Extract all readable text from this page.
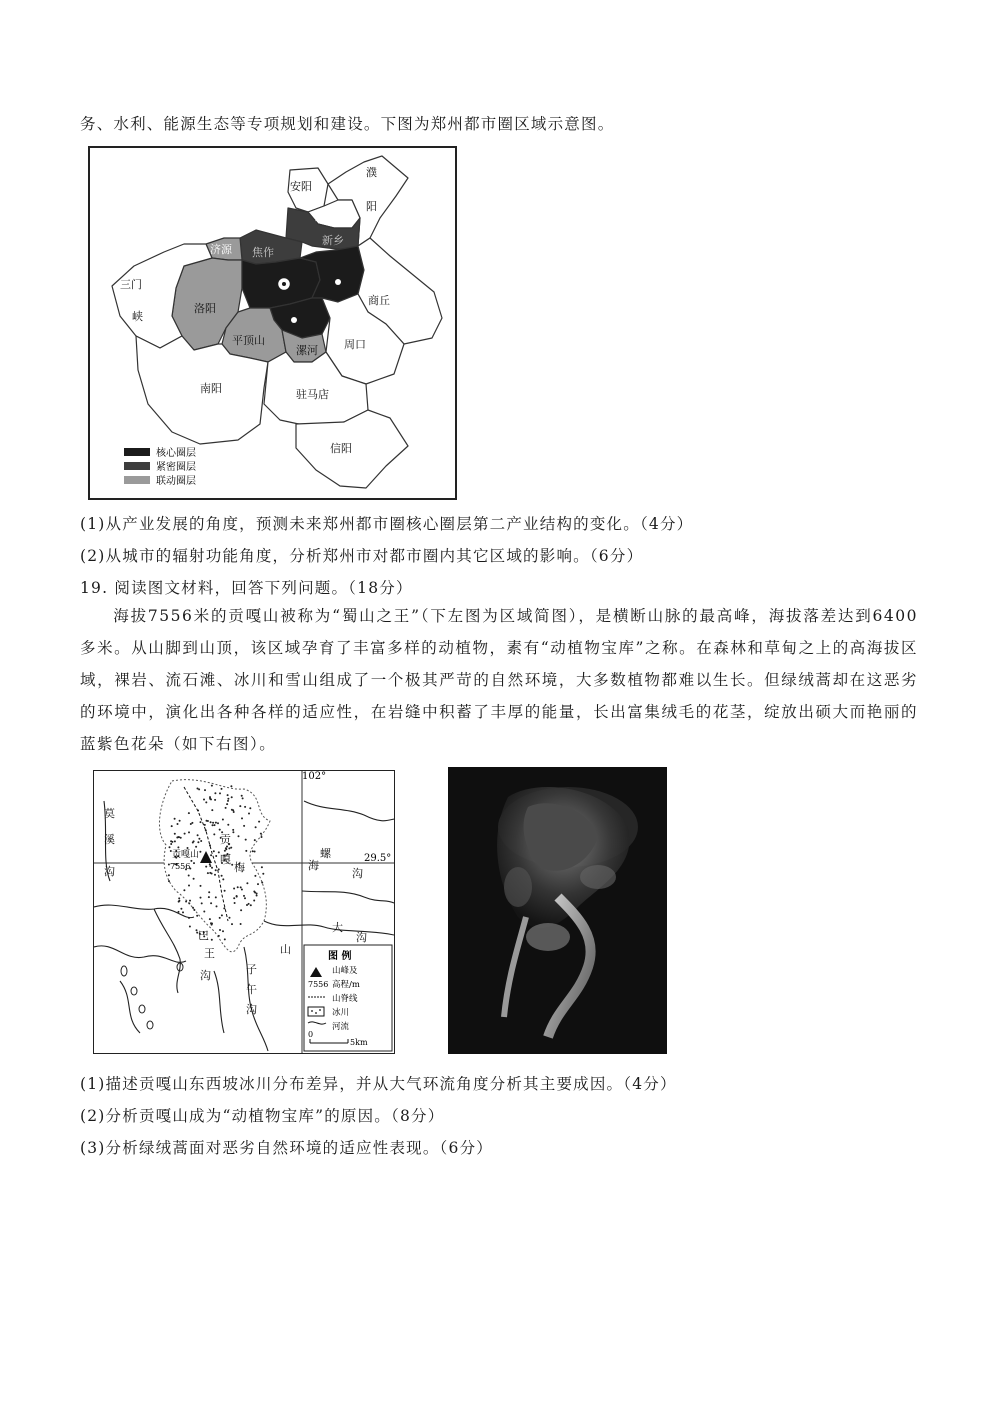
务、水利、能源生态等专项规划和建设。下图为郑州都市圈区域示意图。
安阳
濮
阳
鹤壁
新乡
济源 焦作
三门
峡
洛阳
平顶山
漯河
商丘
周口
南阳	驻马店
信阳
核心圈层
紧密圈层
联动圈层
(1)从产业发展的角度，预测未来郑州都市圈核心圈层第二产业结构的变化。（4分）
(2)从城市的辐射功能角度，分析郑州市对都市圈内其它区域的影响。（6分）
19. 阅读图文材料，回答下列问题。（18分）
海拔7556米的贡嘎山被称为“蜀山之王”（下左图为区域简图），是横断山脉的最高峰，海拔落差达到6400多米。从山脚到山顶，该区域孕育了丰富多样的动植物，素有“动植物宝库”之称。在森林和草甸之上的高海拔区域，裸岩、流石滩、冰川和雪山组成了一个极其严苛的自然环境，大多数植物都难以生长。但绿绒蒿却在这恶劣的环境中，演化出各种各样的适应性，在岩缝中积蓄了丰厚的能量，长出富集绒毛的花茎，绽放出硕大而艳丽的蓝紫色花朵（如下右图）。
102°
29.5°
贡嘎山
7556
莫
溪
沟
贡
嘎	螺
海
沟
大
沟
巴
王
沟
梅
山
子
午
沟
图 例
山峰及
7556 高程/m
山脊线
冰川
河流
0
5km
(1)描述贡嘎山东西坡冰川分布差异，并从大气环流角度分析其主要成因。（4分）
(2)分析贡嘎山成为“动植物宝库”的原因。（8分）
(3)分析绿绒蒿面对恶劣自然环境的适应性表现。（6分）
